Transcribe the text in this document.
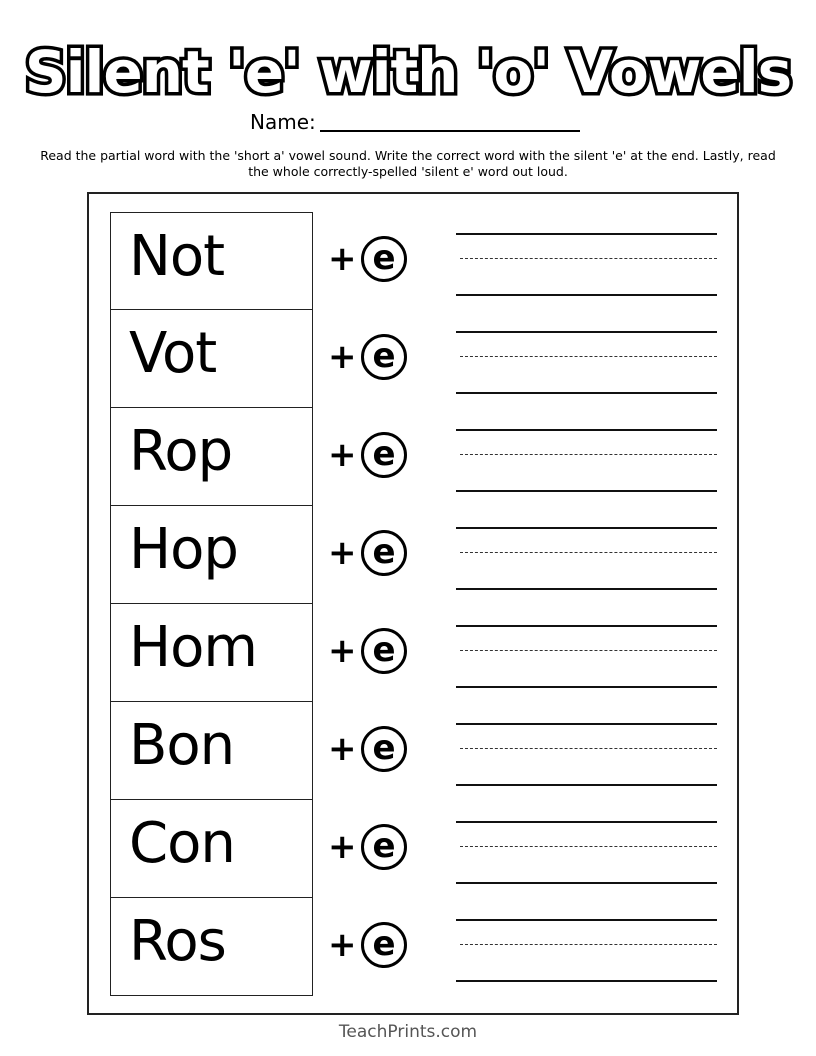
Silent 'e' with 'o' Vowels
Name:
Read the partial word with the 'short a' vowel sound. Write the correct word with the silent 'e' at the end. Lastly, read the whole correctly-spelled 'silent e' word out loud.
Not	+ e
Vot	+ e
Rop	+ e
Hop	+ e
Hom + e
Bon	+ e
Con	+ e
Ros	+ e
TeachPrints.com
